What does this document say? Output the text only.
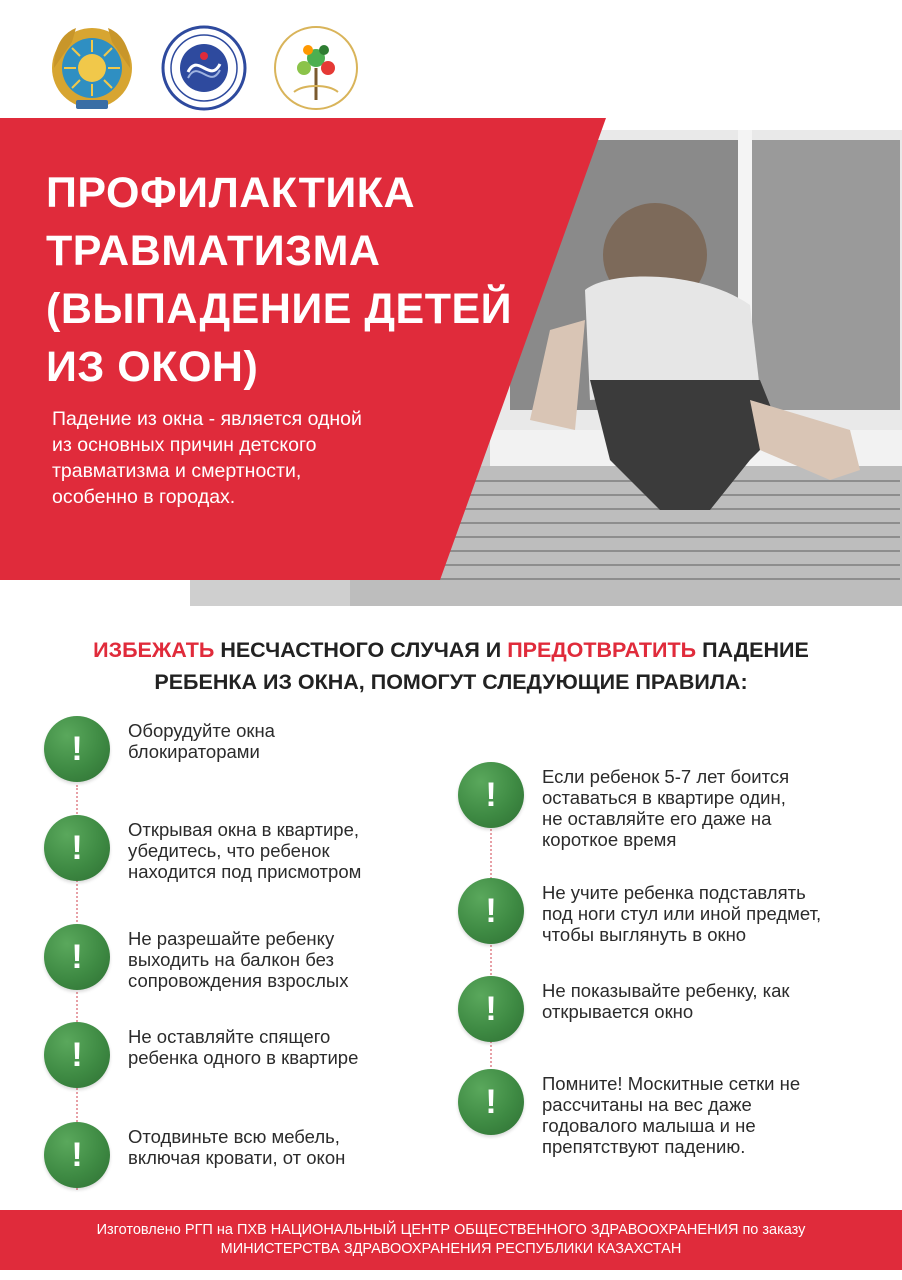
ПРОФИЛАКТИКА
ТРАВМАТИЗМА
(ВЫПАДЕНИЕ ДЕТЕЙ
ИЗ ОКОН)

Падение из окна - является одной
из основных причин детского
травматизма и смертности,
особенно в городах.

ИЗБЕЖАТЬ НЕСЧАСТНОГО СЛУЧАЯ И ПРЕДОТВРАТИТЬ ПАДЕНИЕ
РЕБЕНКА ИЗ ОКНА, ПОМОГУТ СЛЕДУЮЩИЕ ПРАВИЛА:
!	Оборудуйте окна
блокираторами
!	Открывая окна в квартире,
убедитесь, что ребенок
находится под присмотром
!	Не разрешайте ребенку
выходить на балкон без
сопровождения взрослых
!	Не оставляйте спящего
ребенка одного в квартире
!	Отодвиньте всю мебель,
включая кровати, от окон
!	Если ребенок 5-7 лет боится
оставаться в квартире один,
не оставляйте его даже на
короткое время
!	Не учите ребенка подставлять
под ноги стул или иной предмет,
чтобы выглянуть в окно
!	Не показывайте ребенку, как
открывается окно
!	Помните! Москитные сетки не
рассчитаны на вес даже
годовалого малыша и не
препятствуют падению.
Изготовлено РГП на ПХВ НАЦИОНАЛЬНЫЙ ЦЕНТР ОБЩЕСТВЕННОГО ЗДРАВООХРАНЕНИЯ по заказу
МИНИСТЕРСТВА ЗДРАВООХРАНЕНИЯ РЕСПУБЛИКИ КАЗАХСТАН
